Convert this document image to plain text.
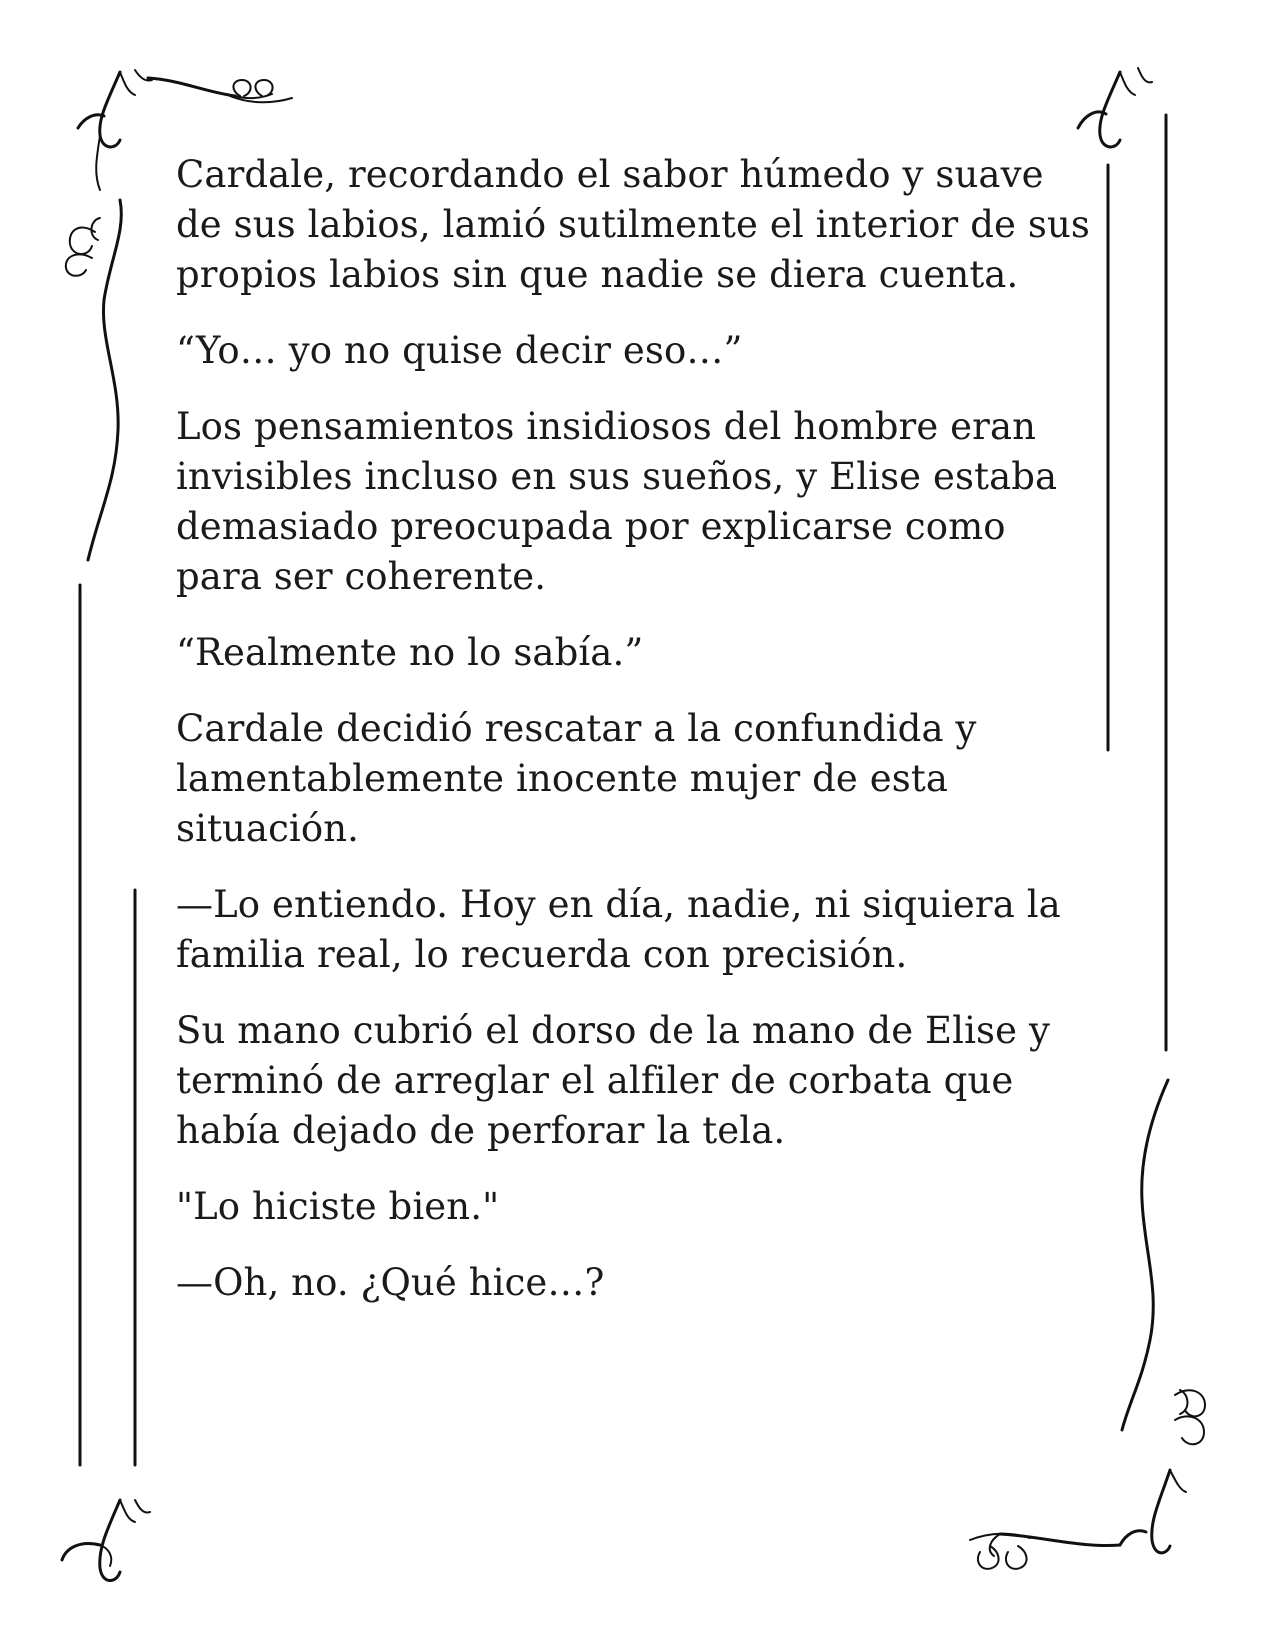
Cardale, recordando el sabor húmedo y suave de sus labios, lamió sutilmente el interior de sus propios labios sin que nadie se diera cuenta.

“Yo… yo no quise decir eso…”

Los pensamientos insidiosos del hombre eran invisibles incluso en sus sueños, y Elise estaba demasiado preocupada por explicarse como para ser coherente.

“Realmente no lo sabía.”

Cardale decidió rescatar a la confundida y lamentablemente inocente mujer de esta situación.

—Lo entiendo. Hoy en día, nadie, ni siquiera la familia real, lo recuerda con precisión.

Su mano cubrió el dorso de la mano de Elise y terminó de arreglar el alfiler de corbata que había dejado de perforar la tela.

"Lo hiciste bien."

—Oh, no. ¿Qué hice…?
